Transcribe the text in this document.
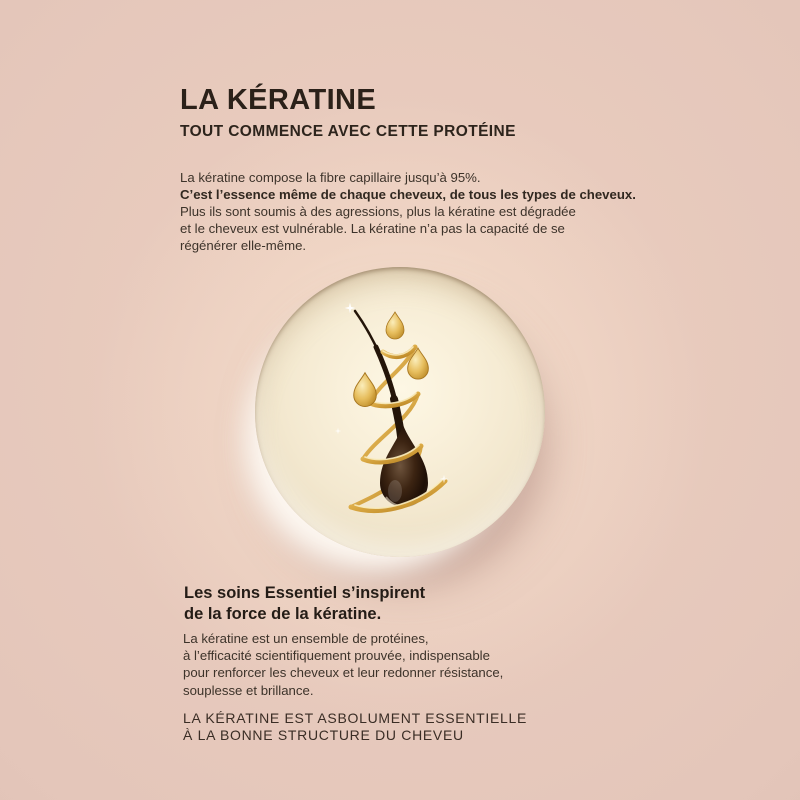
LA KÉRATINE
TOUT COMMENCE AVEC CETTE PROTÉINE

La kératine compose la fibre capillaire jusqu’à 95%.
C’est l’essence même de chaque cheveux, de tous les types de cheveux.
Plus ils sont soumis à des agressions, plus la kératine est dégradée
et le cheveux est vulnérable. La kératine n’a pas la capacité de se
régénérer elle-même.

Les soins Essentiel s’inspirent
de la force de la kératine.

La kératine est un ensemble de protéines,
à l’efficacité scientifiquement prouvée, indispensable
pour renforcer les cheveux et leur redonner résistance,
souplesse et brillance.

LA KÉRATINE EST ASBOLUMENT ESSENTIELLE
À LA BONNE STRUCTURE DU CHEVEU
